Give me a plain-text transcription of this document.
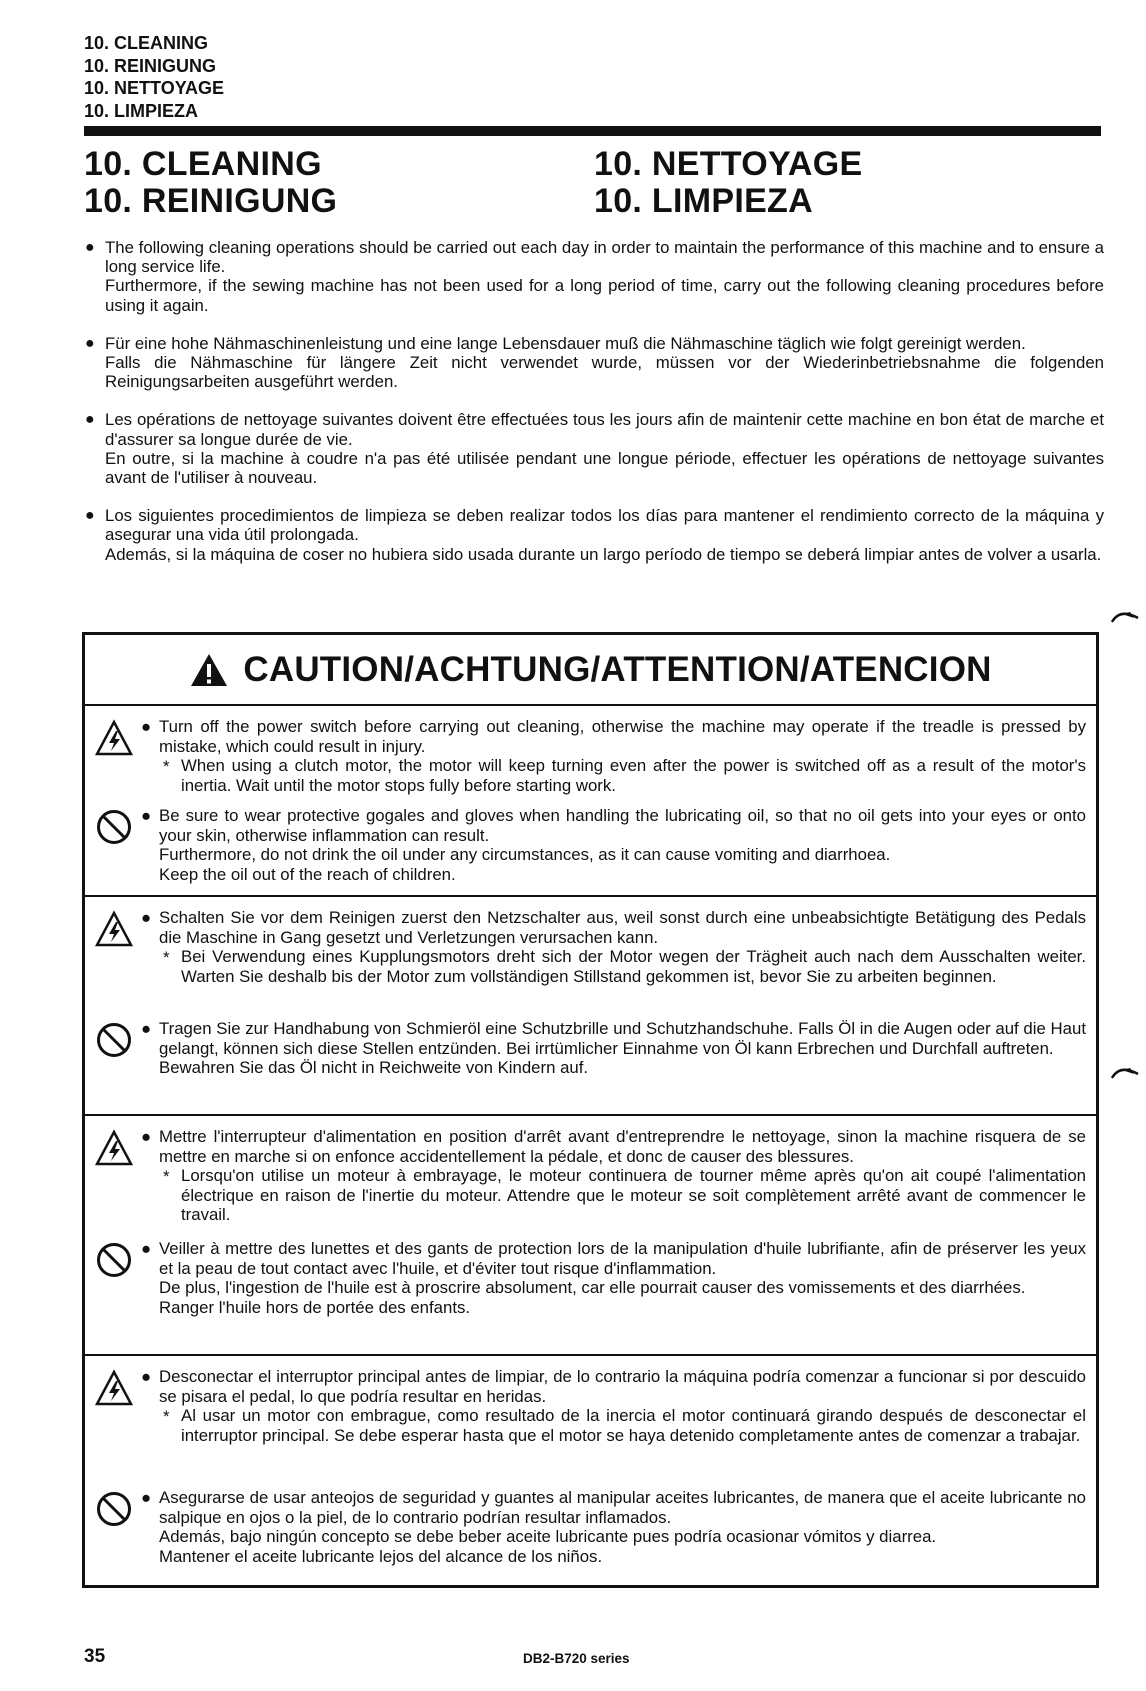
10. CLEANING
10. REINIGUNG
10. NETTOYAGE
10. LIMPIEZA
10. CLEANING
10. REINIGUNG
10. NETTOYAGE
10. LIMPIEZA
● The following cleaning operations should be carried out each day in order to maintain the performance of this machine and to ensure a long service life.

Furthermore, if the sewing machine has not been used for a long period of time, carry out the following cleaning procedures before using it again.

● Für eine hohe Nähmaschinenleistung und eine lange Lebensdauer muß die Nähmaschine täglich wie folgt gereinigt werden.

Falls die Nähmaschine für längere Zeit nicht verwendet wurde, müssen vor der Wiederinbetriebsnahme die folgenden Reinigungsarbeiten ausgeführt werden.

● Les opérations de nettoyage suivantes doivent être effectuées tous les jours afin de maintenir cette machine en bon état de marche et d'assurer sa longue durée de vie.

En outre, si la machine à coudre n'a pas été utilisée pendant une longue période, effectuer les opérations de nettoyage suivantes avant de l'utiliser à nouveau.

● Los siguientes procedimientos de limpieza se deben realizar todos los días para mantener el rendimiento correcto de la máquina y asegurar una vida útil prolongada.

Además, si la máquina de coser no hubiera sido usada durante un largo período de tiempo se deberá limpiar antes de volver a usarla.

CAUTION/ACHTUNG/ATTENTION/ATENCION
● Turn off the power switch before carrying out cleaning, otherwise the machine may operate if the treadle is pressed by mistake, which could result in injury.

* When using a clutch motor, the motor will keep turning even after the power is switched off as a result of the motor's inertia. Wait until the motor stops fully before starting work.
● Be sure to wear protective gogales and gloves when handling the lubricating oil, so that no oil gets into your eyes or onto your skin, otherwise inflammation can result.

Furthermore, do not drink the oil under any circumstances, as it can cause vomiting and diarrhoea.

Keep the oil out of the reach of children.

● Schalten Sie vor dem Reinigen zuerst den Netzschalter aus, weil sonst durch eine unbeabsichtigte Betätigung des Pedals die Maschine in Gang gesetzt und Verletzungen verursachen kann.

* Bei Verwendung eines Kupplungsmotors dreht sich der Motor wegen der Trägheit auch nach dem Ausschalten weiter. Warten Sie deshalb bis der Motor zum vollständigen Stillstand gekommen ist, bevor Sie zu arbeiten beginnen.
● Tragen Sie zur Handhabung von Schmieröl eine Schutzbrille und Schutzhandschuhe. Falls Öl in die Augen oder auf die Haut gelangt, können sich diese Stellen entzünden. Bei irrtümlicher Einnahme von Öl kann Erbrechen und Durchfall auftreten.

Bewahren Sie das Öl nicht in Reichweite von Kindern auf.

● Mettre l'interrupteur d'alimentation en position d'arrêt avant d'entreprendre le nettoyage, sinon la machine risquera de se mettre en marche si on enfonce accidentellement la pédale, et donc de causer des blessures.

* Lorsqu'on utilise un moteur à embrayage, le moteur continuera de tourner même après qu'on ait coupé l'alimentation électrique en raison de l'inertie du moteur. Attendre que le moteur se soit complètement arrêté avant de commencer le travail.
● Veiller à mettre des lunettes et des gants de protection lors de la manipulation d'huile lubrifiante, afin de préserver les yeux et la peau de tout contact avec l'huile, et d'éviter tout risque d'inflammation.

De plus, l'ingestion de l'huile est à proscrire absolument, car elle pourrait causer des vomissements et des diarrhées.

Ranger l'huile hors de portée des enfants.

● Desconectar el interruptor principal antes de limpiar, de lo contrario la máquina podría comenzar a funcionar si por descuido se pisara el pedal, lo que podría resultar en heridas.

* Al usar un motor con embrague, como resultado de la inercia el motor continuará girando después de desconectar el interruptor principal. Se debe esperar hasta que el motor se haya detenido completamente antes de comenzar a trabajar.
● Asegurarse de usar anteojos de seguridad y guantes al manipular aceites lubricantes, de manera que el aceite lubricante no salpique en ojos o la piel, de lo contrario podrían resultar inflamados.

Además, bajo ningún concepto se debe beber aceite lubricante pues podría ocasionar vómitos y diarrea.

Mantener el aceite lubricante lejos del alcance de los niños.

35	DB2-B720 series
